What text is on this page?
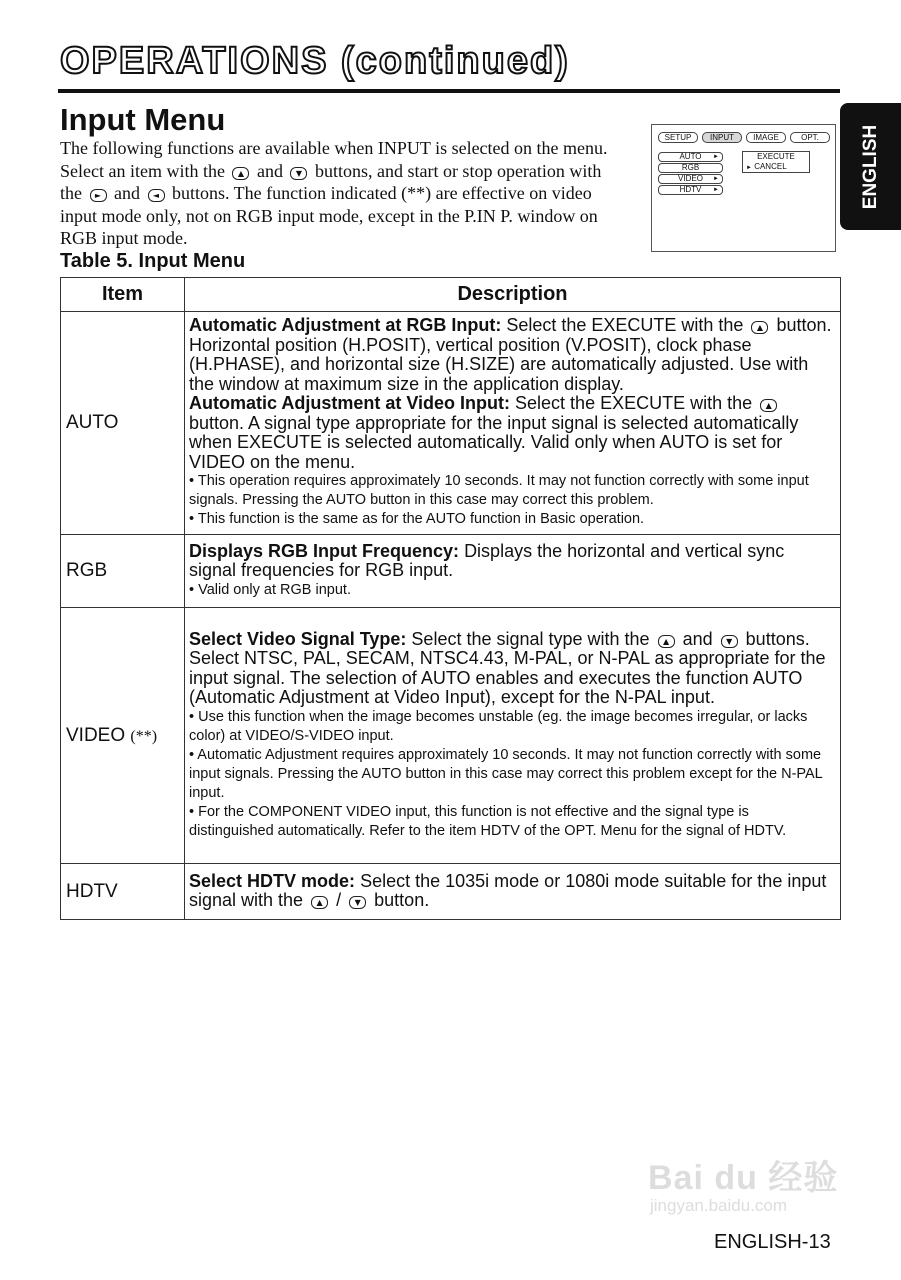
OPERATIONS (continued)
ENGLISH
Input Menu
The following functions are available when INPUT is selected on the menu. Select an item with the ▲ and ▼ buttons, and start or stop operation with the ► and ◄ buttons. The function indicated (**) are effective on video input mode only, not on RGB input mode, except in the P.IN P. window on RGB input mode.
SETUP	INPUT	IMAGE	OPT.
AUTO ►
RGB
VIDEO ►
HDTV ►
EXECUTE
► CANCEL
Table 5. Input Menu
Item	Description
AUTO	Automatic Adjustment at RGB Input: Select the EXECUTE with the ▲ button. Horizontal position (H.POSIT), vertical position (V.POSIT), clock phase (H.PHASE), and horizontal size (H.SIZE) are automatically adjusted. Use with the window at maximum size in the application display.
Automatic Adjustment at Video Input: Select the EXECUTE with the ▲ button. A signal type appropriate for the input signal is selected automatically when EXECUTE is selected automatically. Valid only when AUTO is set for VIDEO on the menu.
• This operation requires approximately 10 seconds. It may not function correctly with some input signals. Pressing the AUTO button in this case may correct this problem.
• This function is the same as for the AUTO function in Basic operation.

RGB	Displays RGB Input Frequency: Displays the horizontal and vertical sync signal frequencies for RGB input.
• Valid only at RGB input.

VIDEO (**)	Select Video Signal Type: Select the signal type with the ▲ and ▼ buttons. Select NTSC, PAL, SECAM, NTSC4.43, M-PAL, or N-PAL as appropriate for the input signal. The selection of AUTO enables and executes the function AUTO (Automatic Adjustment at Video Input), except for the N-PAL input.
• Use this function when the image becomes unstable (eg. the image becomes irregular, or lacks color) at VIDEO/S-VIDEO input.
• Automatic Adjustment requires approximately 10 seconds. It may not function correctly with some input signals. Pressing the AUTO button in this case may correct this problem except for the N-PAL input.
• For the COMPONENT VIDEO input, this function is not effective and the signal type is distinguished automatically. Refer to the item HDTV of the OPT. Menu for the signal of HDTV.

HDTV	Select HDTV mode: Select the 1035i mode or 1080i mode suitable for the input signal with the ▲ / ▼ button.
Bai du 经验
jingyan.baidu.com
ENGLISH-13
